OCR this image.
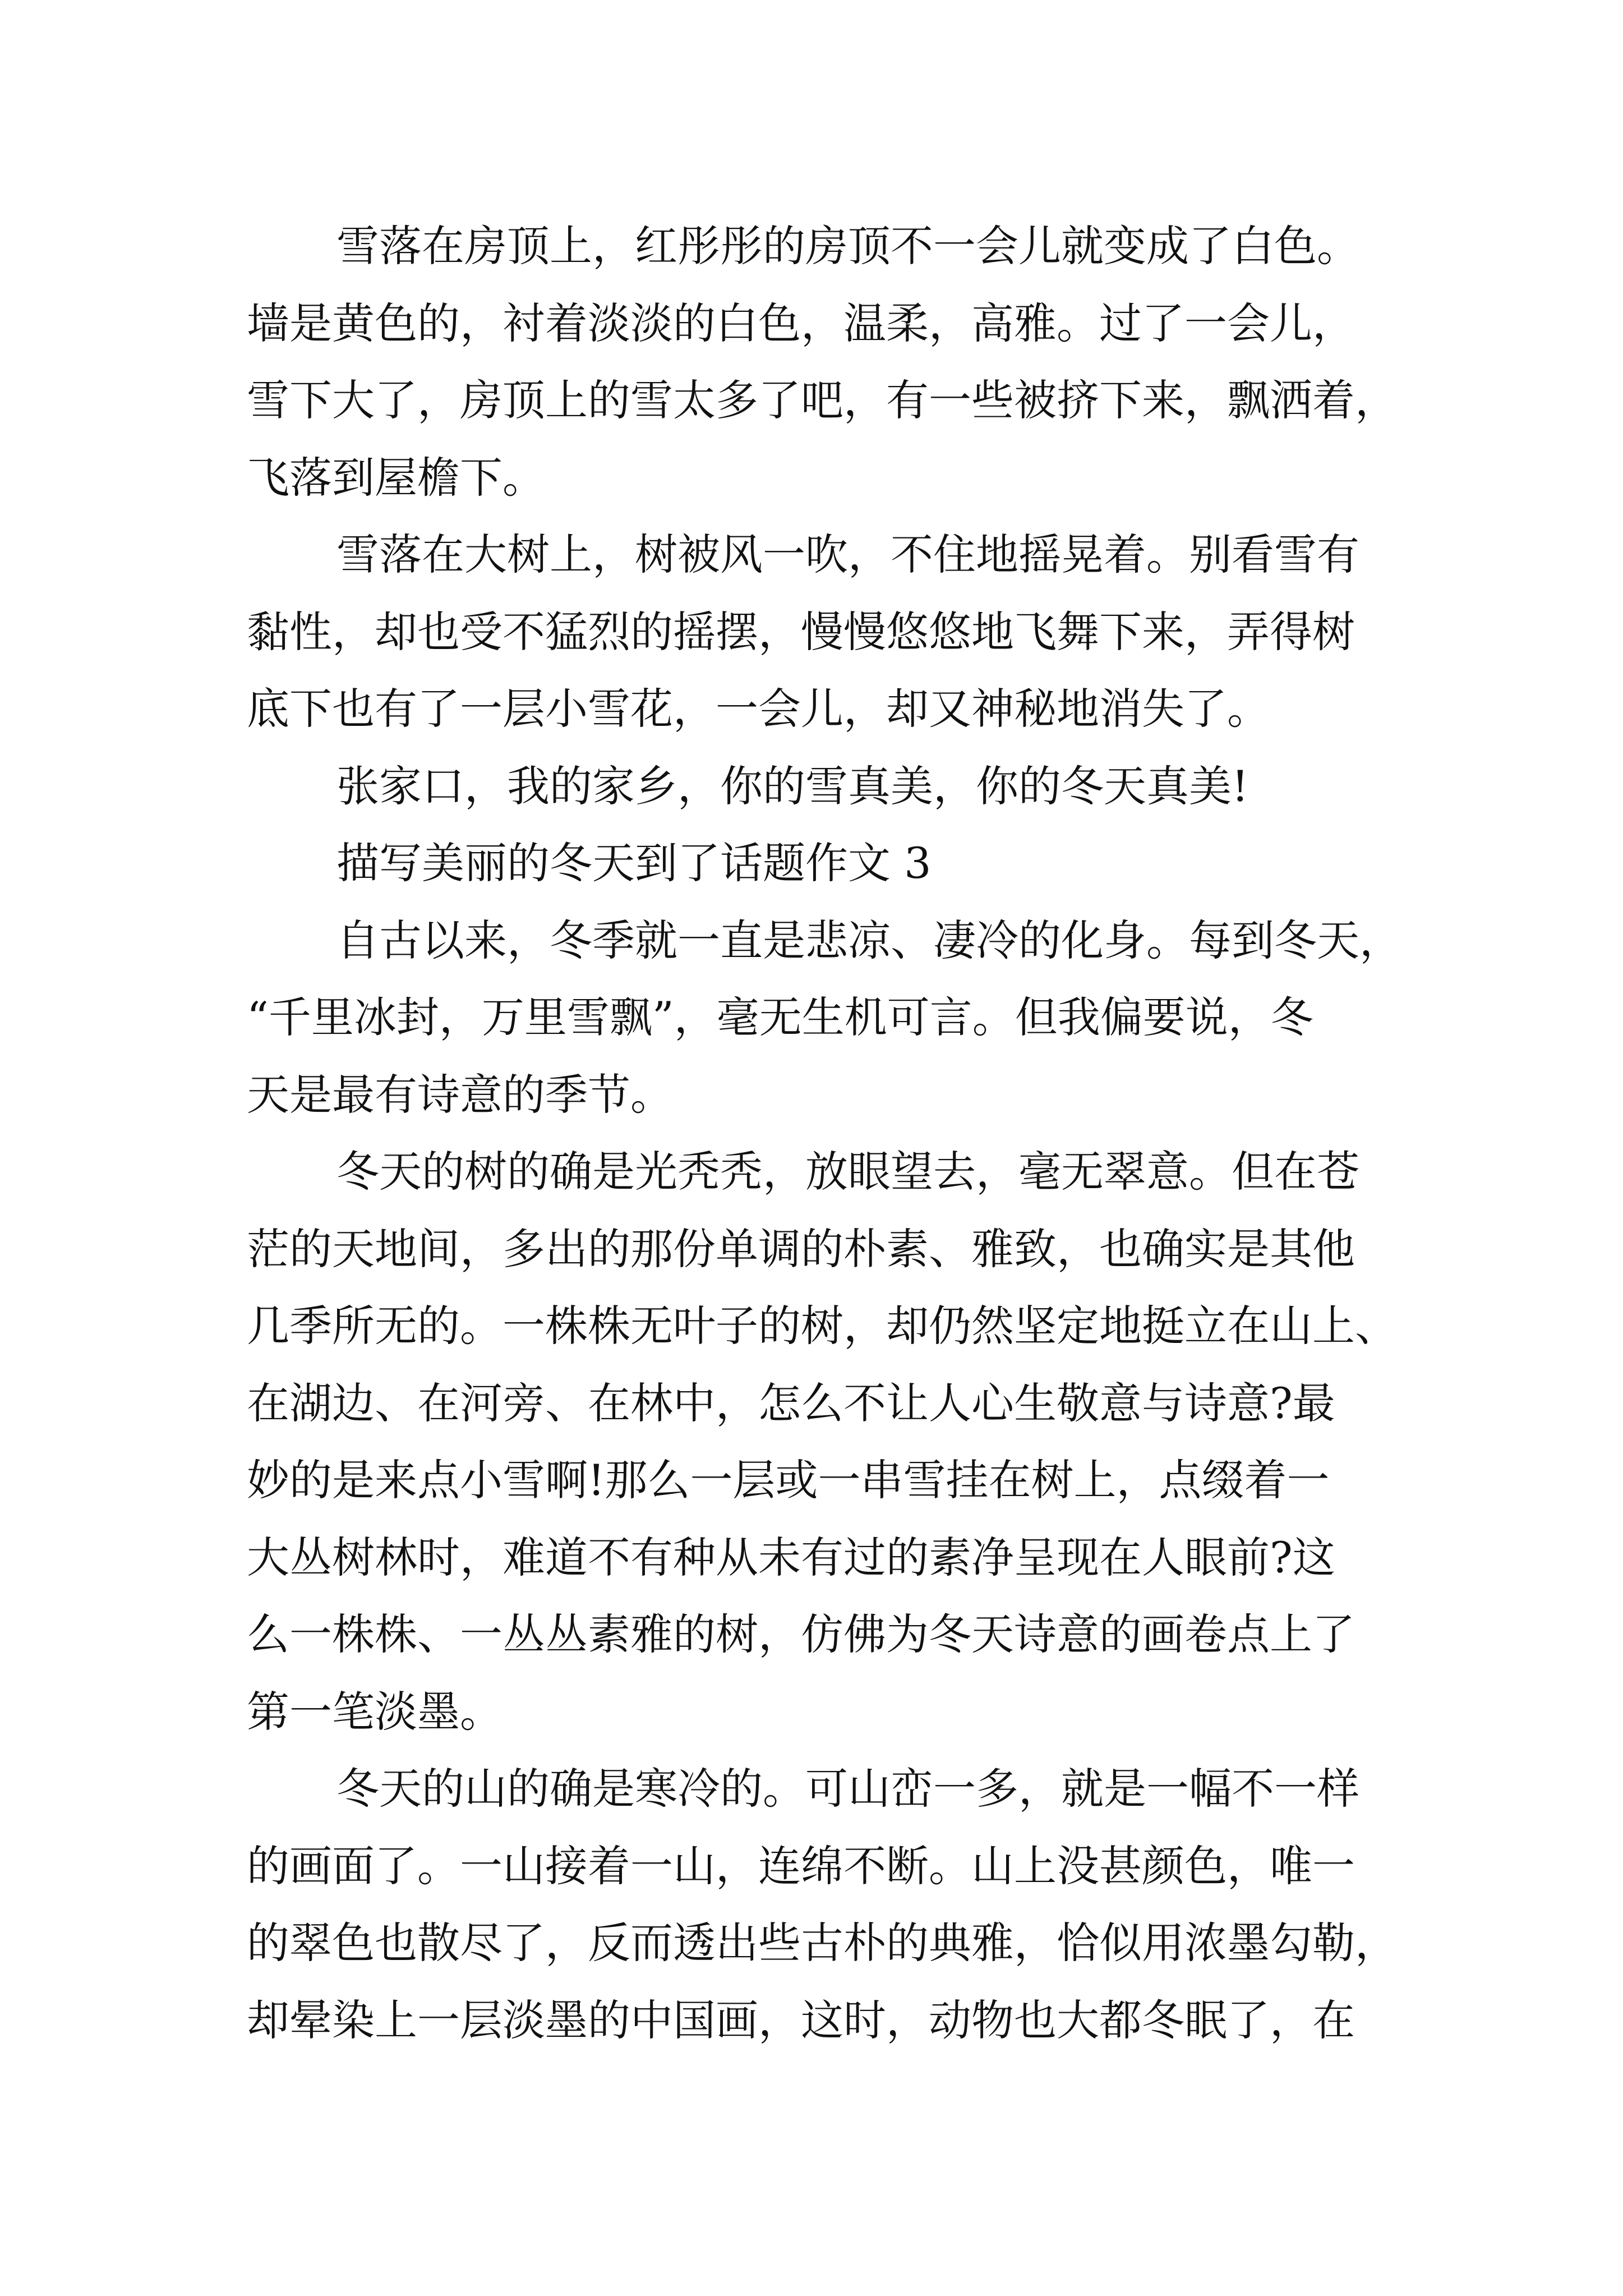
雪落在房顶上，红彤彤的房顶不一会儿就变成了白色。
墙是黄色的，衬着淡淡的白色，温柔，高雅。过了一会儿，
雪下大了，房顶上的雪太多了吧，有一些被挤下来，飘洒着，
飞落到屋檐下。
雪落在大树上，树被风一吹，不住地摇晃着。别看雪有
黏性，却也受不猛烈的摇摆，慢慢悠悠地飞舞下来，弄得树
底下也有了一层小雪花，一会儿，却又神秘地消失了。
张家口，我的家乡，你的雪真美，你的冬天真美!
描写美丽的冬天到了话题作文 3
自古以来，冬季就一直是悲凉、凄冷的化身。每到冬天，
“千里冰封，万里雪飘”，毫无生机可言。但我偏要说，冬
天是最有诗意的季节。
冬天的树的确是光秃秃，放眼望去，毫无翠意。但在苍
茫的天地间，多出的那份单调的朴素、雅致，也确实是其他
几季所无的。一株株无叶子的树，却仍然坚定地挺立在山上、
在湖边、在河旁、在林中，怎么不让人心生敬意与诗意?最
妙的是来点小雪啊!那么一层或一串雪挂在树上，点缀着一
大丛树林时，难道不有种从未有过的素净呈现在人眼前?这
么一株株、一丛丛素雅的树，仿佛为冬天诗意的画卷点上了
第一笔淡墨。
冬天的山的确是寒冷的。可山峦一多，就是一幅不一样
的画面了。一山接着一山，连绵不断。山上没甚颜色，唯一
的翠色也散尽了，反而透出些古朴的典雅，恰似用浓墨勾勒，
却晕染上一层淡墨的中国画，这时，动物也大都冬眠了，在
